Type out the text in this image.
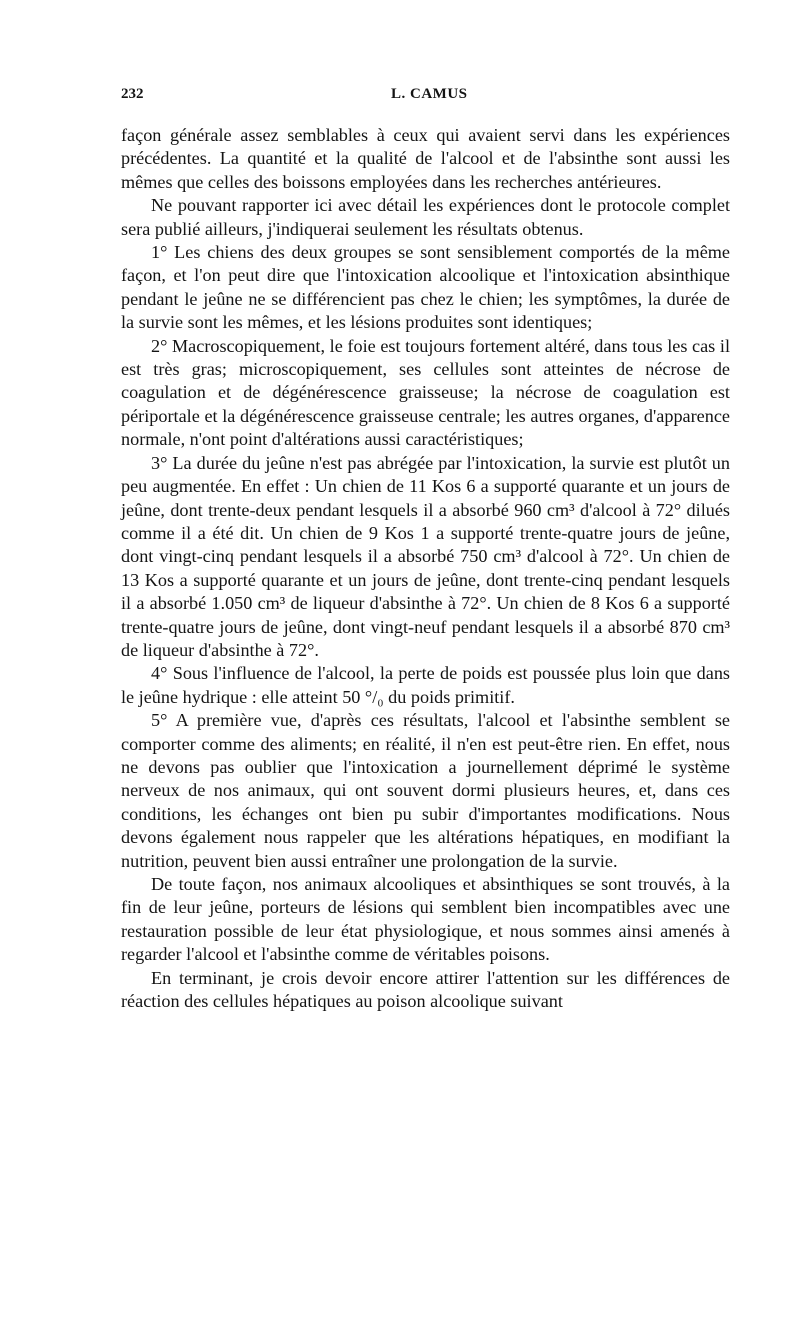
232	L. CAMUS

façon générale assez semblables à ceux qui avaient servi dans les expériences précédentes. La quantité et la qualité de l'alcool et de l'absinthe sont aussi les mêmes que celles des boissons employées dans les recherches antérieures.

Ne pouvant rapporter ici avec détail les expériences dont le protocole complet sera publié ailleurs, j'indiquerai seulement les résultats obtenus.

1° Les chiens des deux groupes se sont sensiblement comportés de la même façon, et l'on peut dire que l'intoxication alcoolique et l'intoxication absinthique pendant le jeûne ne se différencient pas chez le chien; les symptômes, la durée de la survie sont les mêmes, et les lésions produites sont identiques;

2° Macroscopiquement, le foie est toujours fortement altéré, dans tous les cas il est très gras; microscopiquement, ses cellules sont atteintes de nécrose de coagulation et de dégénérescence graisseuse; la nécrose de coagulation est périportale et la dégénérescence graisseuse centrale; les autres organes, d'apparence normale, n'ont point d'altérations aussi caractéristiques;

3° La durée du jeûne n'est pas abrégée par l'intoxication, la survie est plutôt un peu augmentée. En effet : Un chien de 11 Kos 6 a supporté quarante et un jours de jeûne, dont trente-deux pendant lesquels il a absorbé 960 cm³ d'alcool à 72° dilués comme il a été dit. Un chien de 9 Kos 1 a supporté trente-quatre jours de jeûne, dont vingt-cinq pendant lesquels il a absorbé 750 cm³ d'alcool à 72°. Un chien de 13 Kos a supporté quarante et un jours de jeûne, dont trente-cinq pendant lesquels il a absorbé 1.050 cm³ de liqueur d'absinthe à 72°. Un chien de 8 Kos 6 a supporté trente-quatre jours de jeûne, dont vingt-neuf pendant lesquels il a absorbé 870 cm³ de liqueur d'absinthe à 72°.

4° Sous l'influence de l'alcool, la perte de poids est poussée plus loin que dans le jeûne hydrique : elle atteint 50 °/₀ du poids primitif.

5° A première vue, d'après ces résultats, l'alcool et l'absinthe semblent se comporter comme des aliments; en réalité, il n'en est peut-être rien. En effet, nous ne devons pas oublier que l'intoxication a journellement déprimé le système nerveux de nos animaux, qui ont souvent dormi plusieurs heures, et, dans ces conditions, les échanges ont bien pu subir d'importantes modifications. Nous devons également nous rappeler que les altérations hépatiques, en modifiant la nutrition, peuvent bien aussi entraîner une prolongation de la survie.

De toute façon, nos animaux alcooliques et absinthiques se sont trouvés, à la fin de leur jeûne, porteurs de lésions qui semblent bien incompatibles avec une restauration possible de leur état physiologique, et nous sommes ainsi amenés à regarder l'alcool et l'absinthe comme de véritables poisons.

En terminant, je crois devoir encore attirer l'attention sur les différences de réaction des cellules hépatiques au poison alcoolique suivant
